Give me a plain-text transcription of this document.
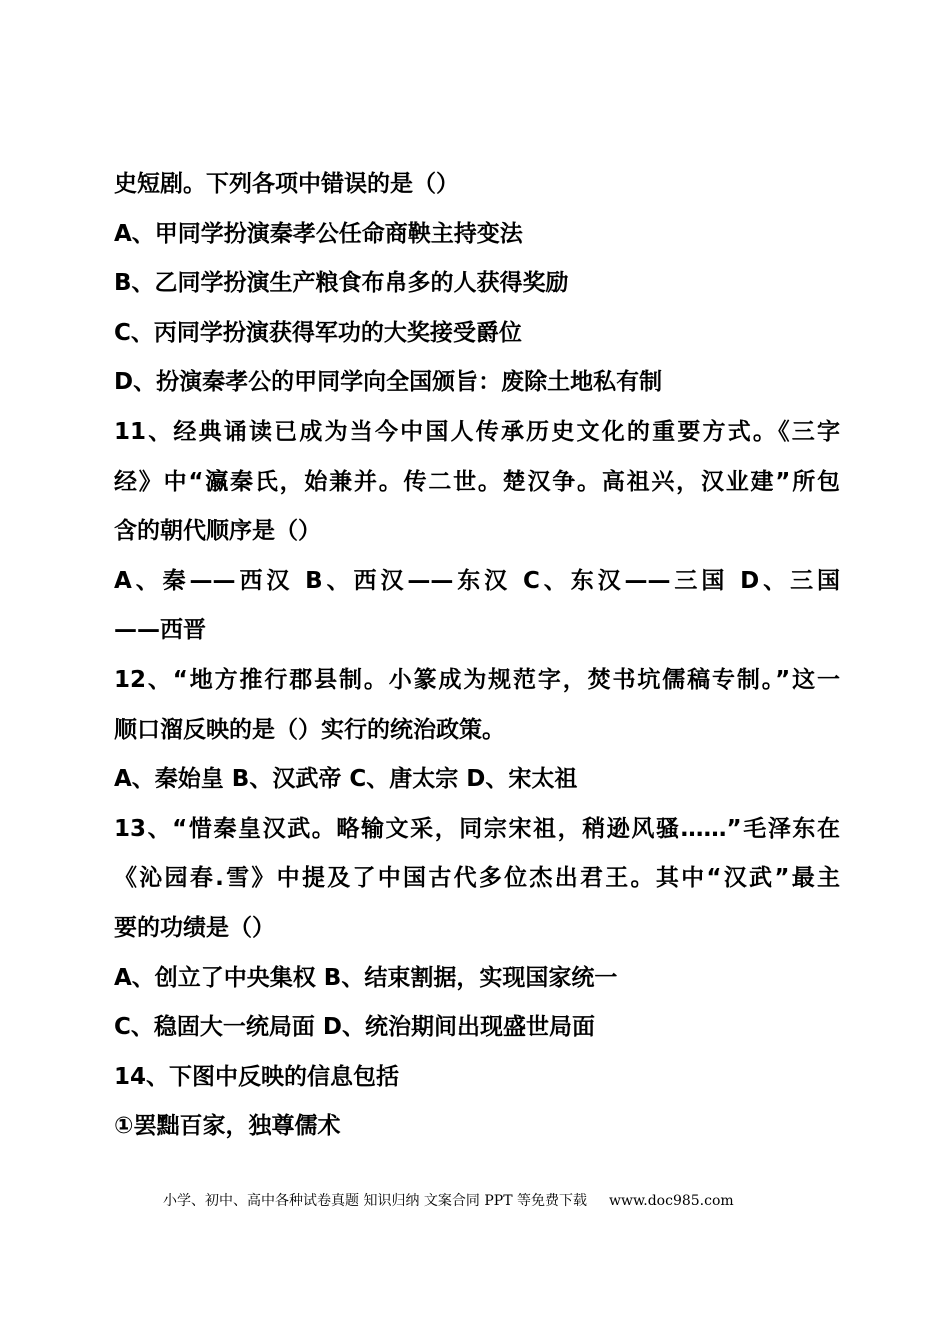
史短剧。下列各项中错误的是（）
A、甲同学扮演秦孝公任命商鞅主持变法
B、乙同学扮演生产粮食布帛多的人获得奖励
C、丙同学扮演获得军功的大奖接受爵位
D、扮演秦孝公的甲同学向全国颁旨：废除土地私有制
11、经典诵读已成为当今中国人传承历史文化的重要方式。《三字
经》中“瀛秦氏，始兼并。传二世。楚汉争。高祖兴，汉业建”所包
含的朝代顺序是（）
A、秦——西汉 B、西汉——东汉 C、东汉——三国 D、三国
——西晋
12、“地方推行郡县制。小篆成为规范字，焚书坑儒稿专制。”这一
顺口溜反映的是（）实行的统治政策。
A、秦始皇 B、汉武帝 C、唐太宗 D、宋太祖
13、“惜秦皇汉武。略输文采，同宗宋祖，稍逊风骚……”毛泽东在
《沁园春.雪》中提及了中国古代多位杰出君王。其中“汉武”最主
要的功绩是（）
A、创立了中央集权 B、结束割据，实现国家统一
C、稳固大一统局面 D、统治期间出现盛世局面
14、下图中反映的信息包括
①罢黜百家，独尊儒术
小学、初中、高中各种试卷真题 知识归纳 文案合同 PPT 等免费下载 www.doc985.com
